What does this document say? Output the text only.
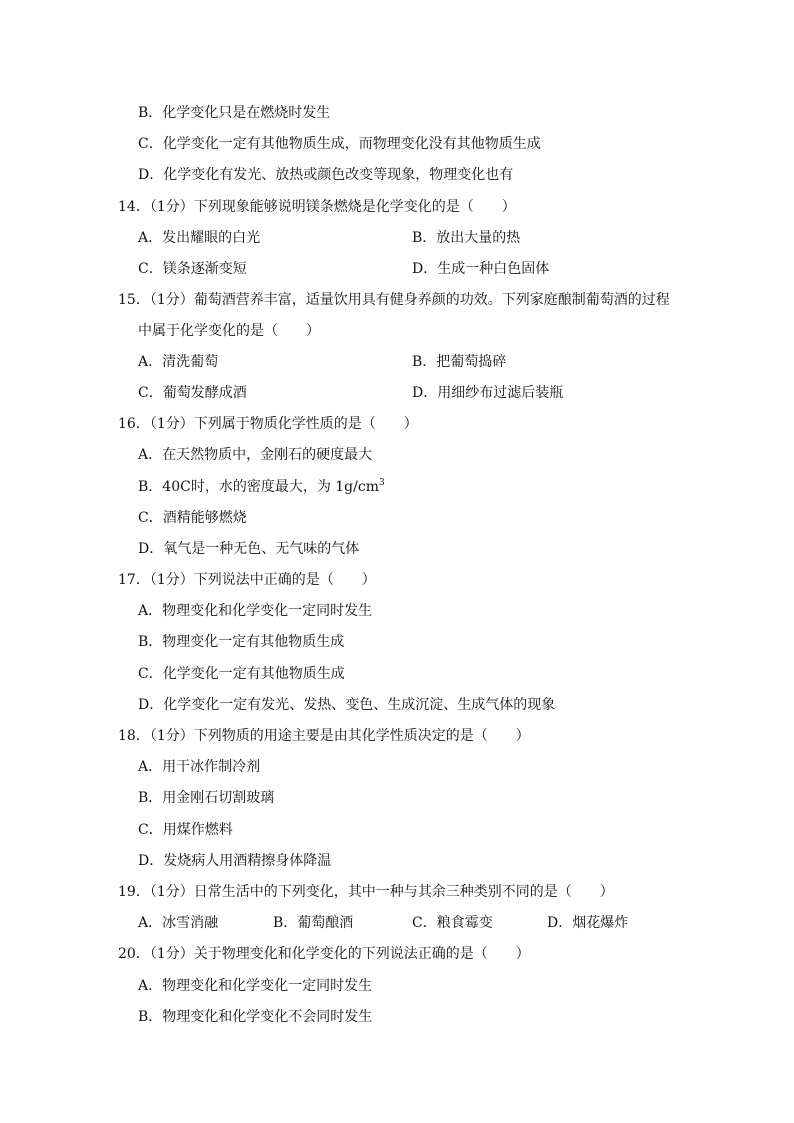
B．化学变化只是在燃烧时发生
C．化学变化一定有其他物质生成，而物理变化没有其他物质生成
D．化学变化有发光、放热或颜色改变等现象，物理变化也有
14．（1分）下列现象能够说明镁条燃烧是化学变化的是（　　）
A．发出耀眼的白光	B．放出大量的热
C．镁条逐渐变短	D．生成一种白色固体
15．（1分）葡萄酒营养丰富，适量饮用具有健身养颜的功效。下列家庭酿制葡萄酒的过程
中属于化学变化的是（　　）
A．清洗葡萄	B．把葡萄捣碎
C．葡萄发酵成酒	D．用细纱布过滤后装瓶
16．（1分）下列属于物质化学性质的是（　　）
A．在天然物质中，金刚石的硬度最大
B．40C时，水的密度最大，为 $1g/cm^3$
C．酒精能够燃烧
D．氧气是一种无色、无气味的气体
17．（1分）下列说法中正确的是（　　）
A．物理变化和化学变化一定同时发生
B．物理变化一定有其他物质生成
C．化学变化一定有其他物质生成
D．化学变化一定有发光、发热、变色、生成沉淀、生成气体的现象
18．（1分）下列物质的用途主要是由其化学性质决定的是（　　）
A．用干冰作制冷剂
B．用金刚石切割玻璃
C．用煤作燃料
D．发烧病人用酒精擦身体降温
19．（1分）日常生活中的下列变化，其中一种与其余三种类别不同的是（　　）
A．冰雪消融	B．葡萄酿酒	C．粮食霉变	D．烟花爆炸
20．（1分）关于物理变化和化学变化的下列说法正确的是（　　）
A．物理变化和化学变化一定同时发生
B．物理变化和化学变化不会同时发生
